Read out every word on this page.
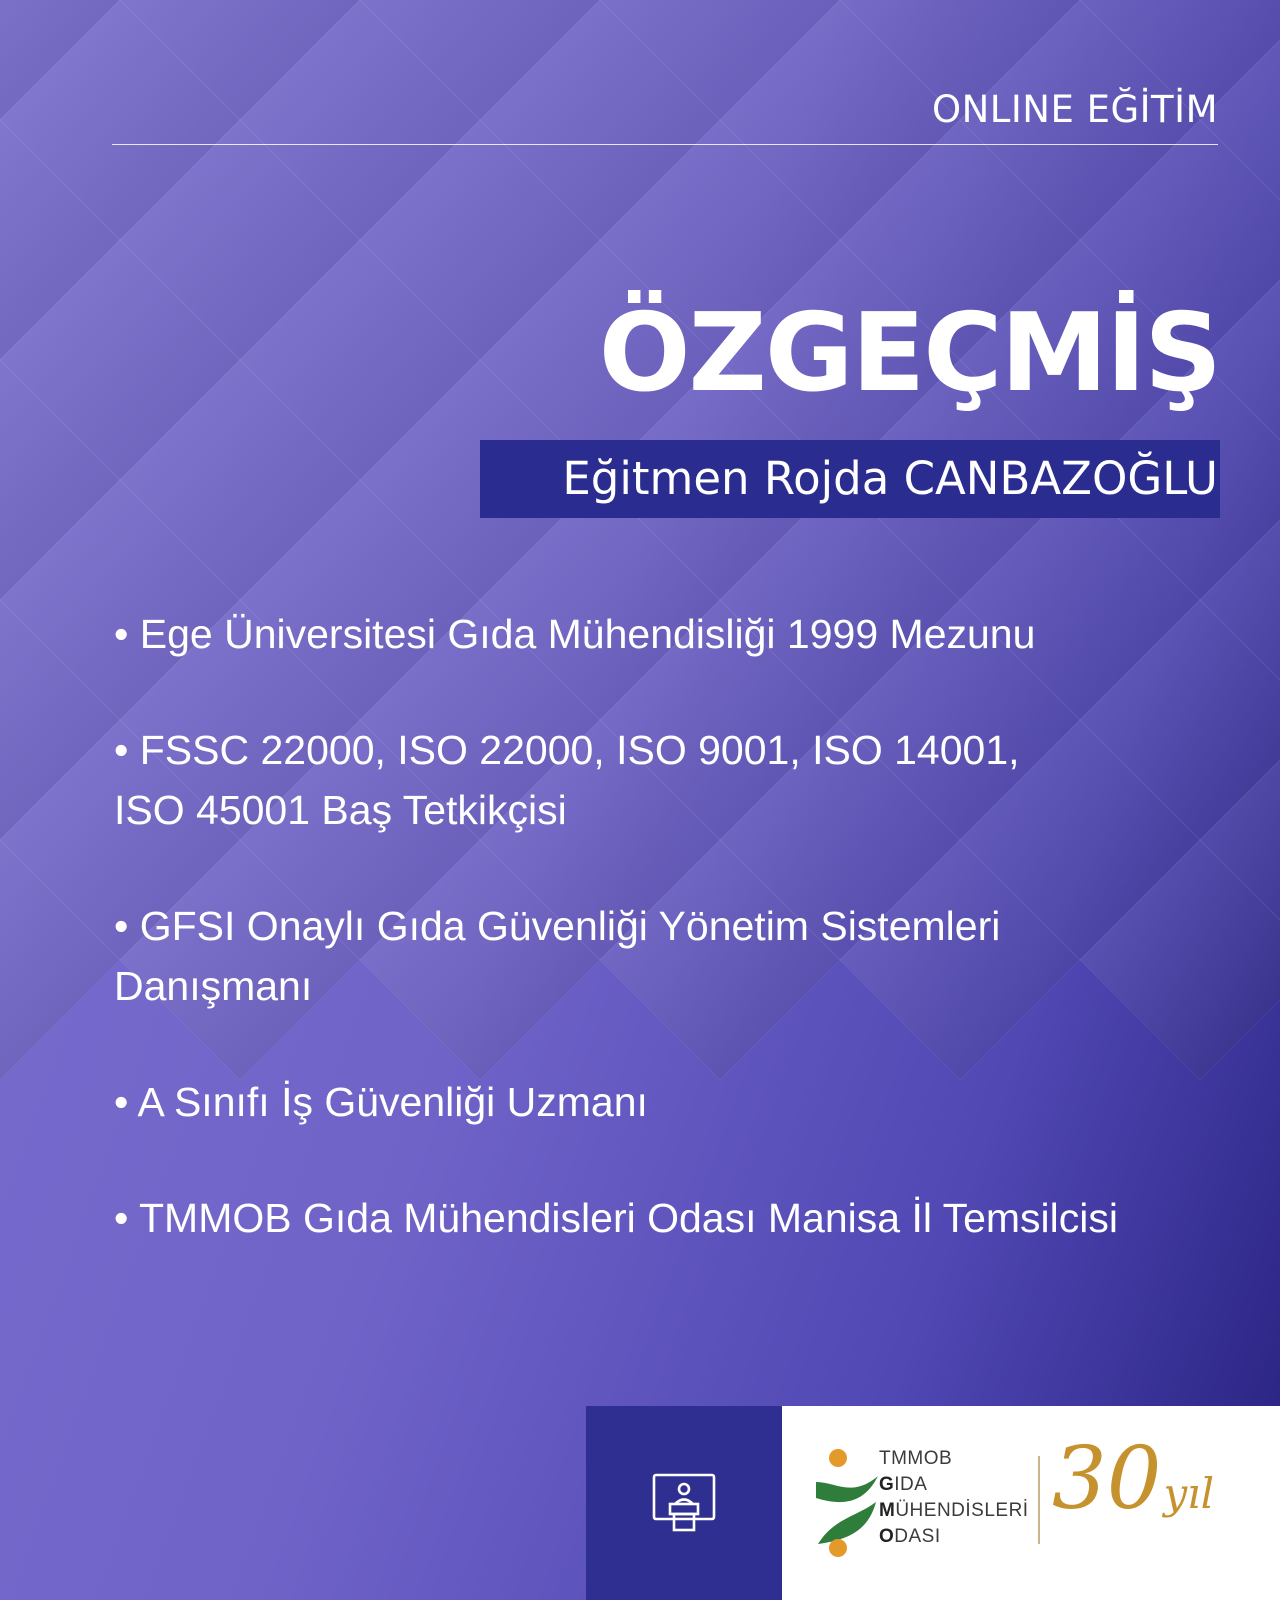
ONLINE EĞİTİM
ÖZGEÇMİŞ
Eğitmen Rojda CANBAZOĞLU
• Ege Üniversitesi Gıda Mühendisliği 1999 Mezunu
• FSSC 22000, ISO 22000, ISO 9001, ISO 14001,
ISO 45001 Baş Tetkikçisi
• GFSI Onaylı Gıda Güvenliği Yönetim Sistemleri
Danışmanı
• A Sınıfı İş Güvenliği Uzmanı
• TMMOB Gıda Mühendisleri Odası Manisa İl Temsilcisi
TMMOB
GIDA
MÜHENDİSLERİ
ODASI
30yıl
